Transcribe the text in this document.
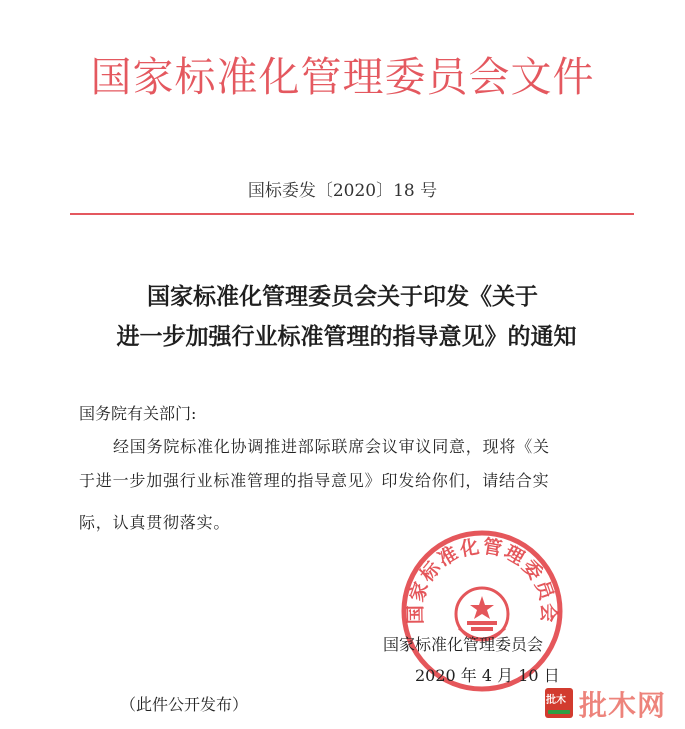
国家标准化管理委员会文件
国标委发〔2020〕18 号
国家标准化管理委员会关于印发《关于
进一步加强行业标准管理的指导意见》的通知
国务院有关部门:
经国务院标准化协调推进部际联席会议审议同意，现将《关
于进一步加强行业标准管理的指导意见》印发给你们，请结合实
际，认真贯彻落实。
国家标准化管理委员会
国家标准化管理委员会
2020 年 4 月 10 日
（此件公开发布）	批木 批木网
